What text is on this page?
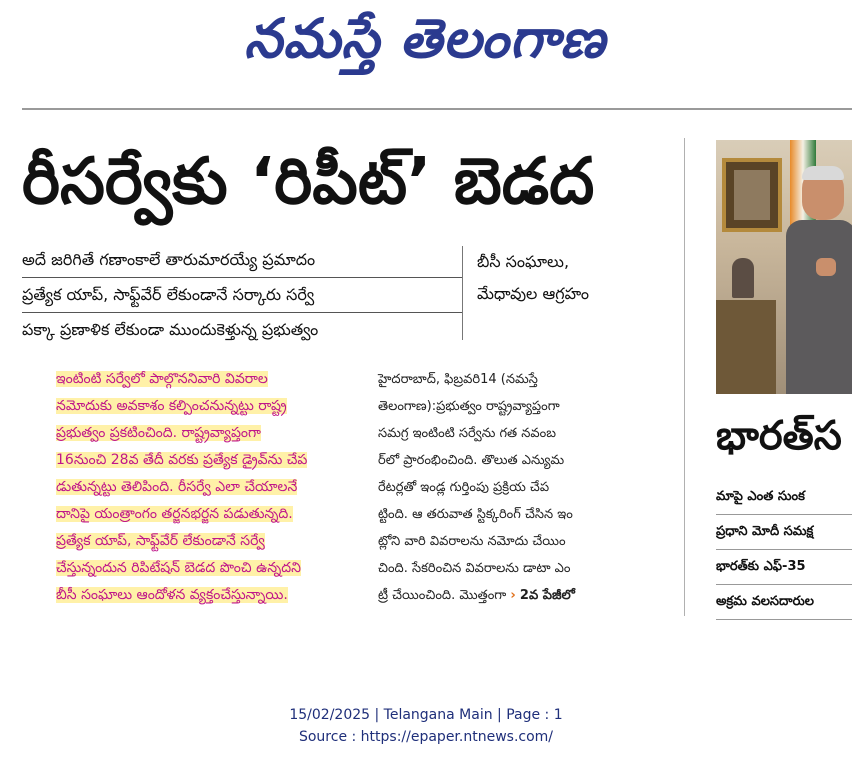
నమస్తే తెలంగాణ
రీసర్వేకు ‘రిపీట్’ బెడద
అదే జరిగితే గణాంకాలే తారుమారయ్యే ప్రమాదం
ప్రత్యేక యాప్, సాఫ్ట్‌వేర్ లేకుండానే సర్కారు సర్వే
పక్కా ప్రణాళిక లేకుండా ముందుకెళ్తున్న ప్రభుత్వం
బీసీ సంఘాలు,
మేధావుల ఆగ్రహం
ఇంటింటి సర్వేలో పాల్గొననివారి వివరాల
నమోదుకు అవకాశం కల్పించనున్నట్టు రాష్ట్ర
ప్రభుత్వం ప్రకటించింది. రాష్ట్రవ్యాప్తంగా
16నుంచి 28వ తేదీ వరకు ప్రత్యేక డ్రైవ్‌ను చేప
డుతున్నట్టు తెలిపింది. రీసర్వే ఎలా చేయాలనే
దానిపై యంత్రాంగం తర్జనభర్జన పడుతున్నది.
ప్రత్యేక యాప్, సాఫ్ట్‌వేర్ లేకుండానే సర్వే
చేస్తున్నందున రిపిటేషన్ బెడద పొంచి ఉన్నదని
బీసీ సంఘాలు ఆందోళన వ్యక్తంచేస్తున్నాయి.
హైదరాబాద్, ఫిబ్రవరి14 (నమస్తే
తెలంగాణ):ప్రభుత్వం రాష్ట్రవ్యాప్తంగా
సమగ్ర ఇంటింటి సర్వేను గత నవంబ
ర్‌లో ప్రారంభించింది. తొలుత ఎన్యుమ
రేటర్లతో ఇండ్ల గుర్తింపు ప్రక్రియ చేప
ట్టింది. ఆ తరువాత స్టిక్కరింగ్ చేసిన ఇం
ట్లోని వారి వివరాలను నమోదు చేయిం
చింది. సేకరించిన వివరాలను డాటా ఎం
ట్రీ చేయించింది. మొత్తంగా › 2వ పేజీలో
భారత్‌స
మాపై ఎంత సుంక
ప్రధాని మోదీ సమక్ష
భారత్‌కు ఎఫ్-35
అక్రమ వలసదారుల
15/02/2025 | Telangana Main | Page : 1
Source : https://epaper.ntnews.com/
